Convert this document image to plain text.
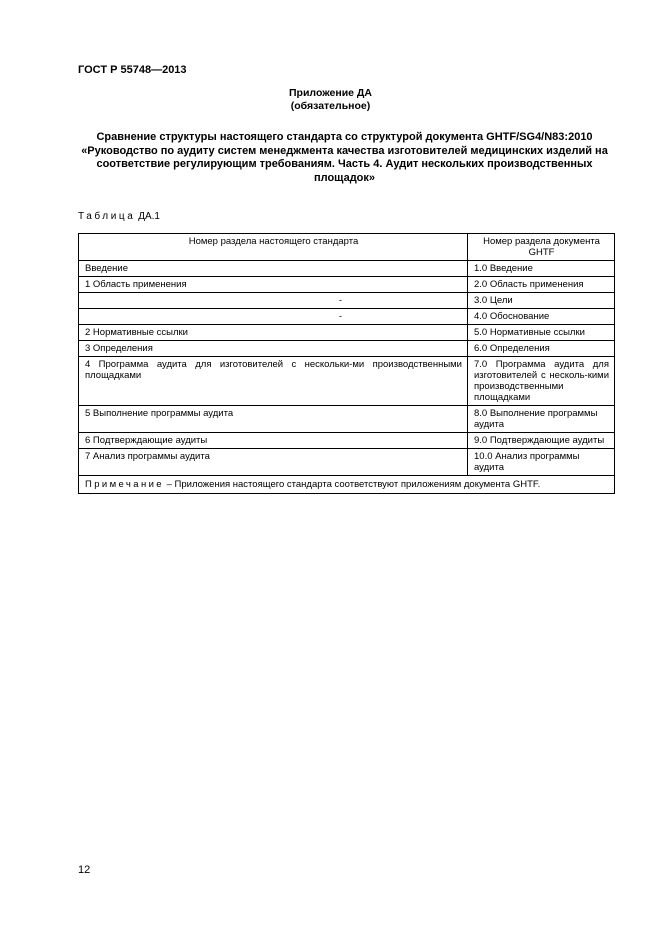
ГОСТ Р 55748—2013
Приложение ДА
(обязательное)
Сравнение структуры настоящего стандарта со структурой документа GHTF/SG4/N83:2010
«Руководство по аудиту систем менеджмента качества изготовителей медицинских изделий на
соответствие регулирующим требованиям. Часть 4. Аудит нескольких производственных
площадок»
Таблица ДА.1
Номер раздела настоящего стандарта	Номер раздела документа GHTF
Введение	1.0 Введение
1 Область применения	2.0 Область применения
-	3.0 Цели
-	4.0 Обоснование
2 Нормативные ссылки	5.0 Нормативные ссылки
3 Определения	6.0 Определения
4 Программа аудита для изготовителей с нескольки-ми производственными площадками	7.0 Программа аудита для изготовителей с несколь-кими производственными площадками
5 Выполнение программы аудита	8.0 Выполнение программы аудита
6 Подтверждающие аудиты	9.0 Подтверждающие аудиты
7 Анализ программы аудита	10.0 Анализ программы аудита
Примечание – Приложения настоящего стандарта соответствуют приложениям документа GHTF.	
12
